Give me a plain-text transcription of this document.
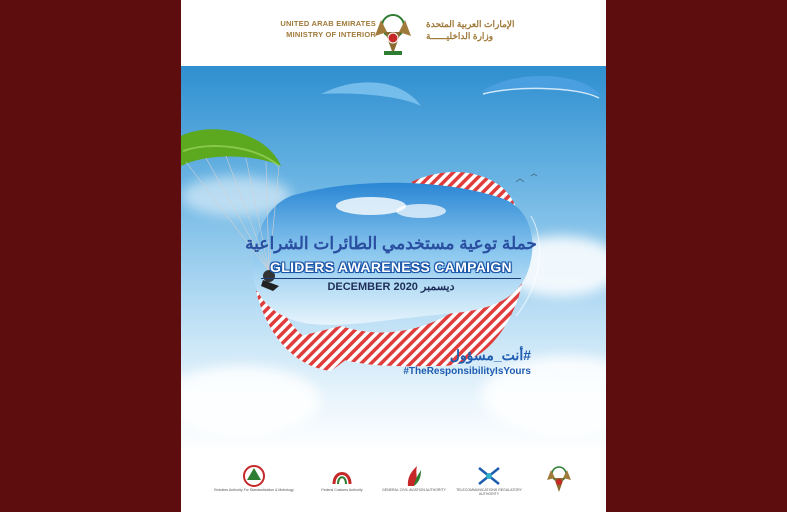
UNITED ARAB EMIRATES
MINISTRY OF INTERIOR
الإمارات العربية المتحدة
وزارة الداخليــــــة
حملة توعية مستخدمي الطائرات الشراعية
GLIDERS AWARENESS CAMPAIGN
DECEMBER 2020 ديسمبر
#أنت_مسؤول
#TheResponsibilityIsYours
Emirates Authority For Standardization & Metrology	Federal Customs Authority	GENERAL CIVIL AVIATION AUTHORITY	TELECOMMUNICATIONS REGULATORY AUTHORITY
